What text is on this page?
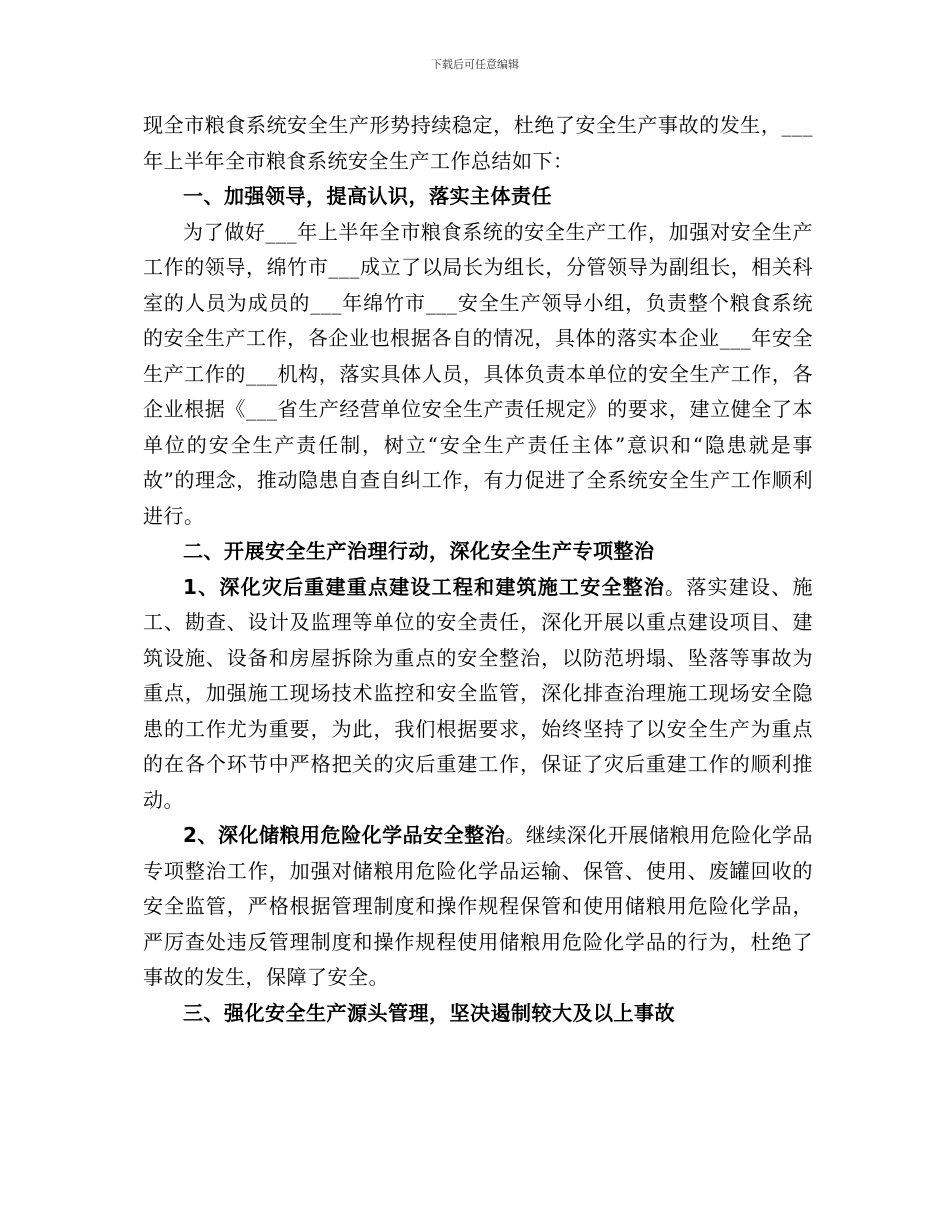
下载后可任意编辑

现全市粮食系统安全生产形势持续稳定，杜绝了安全生产事故的发生，___年上半年全市粮食系统安全生产工作总结如下：

一、加强领导，提高认识，落实主体责任

为了做好___年上半年全市粮食系统的安全生产工作，加强对安全生产工作的领导，绵竹市___成立了以局长为组长，分管领导为副组长，相关科室的人员为成员的___年绵竹市___安全生产领导小组，负责整个粮食系统的安全生产工作，各企业也根据各自的情况，具体的落实本企业___年安全生产工作的___机构，落实具体人员，具体负责本单位的安全生产工作，各企业根据《___省生产经营单位安全生产责任规定》的要求，建立健全了本单位的安全生产责任制，树立“安全生产责任主体”意识和“隐患就是事故”的理念，推动隐患自查自纠工作，有力促进了全系统安全生产工作顺利进行。

二、开展安全生产治理行动，深化安全生产专项整治

1、深化灾后重建重点建设工程和建筑施工安全整治。落实建设、施工、勘查、设计及监理等单位的安全责任，深化开展以重点建设项目、建筑设施、设备和房屋拆除为重点的安全整治，以防范坍塌、坠落等事故为重点，加强施工现场技术监控和安全监管，深化排查治理施工现场安全隐患的工作尤为重要，为此，我们根据要求，始终坚持了以安全生产为重点的在各个环节中严格把关的灾后重建工作，保证了灾后重建工作的顺利推动。

2、深化储粮用危险化学品安全整治。继续深化开展储粮用危险化学品专项整治工作，加强对储粮用危险化学品运输、保管、使用、废罐回收的安全监管，严格根据管理制度和操作规程保管和使用储粮用危险化学品，严厉查处违反管理制度和操作规程使用储粮用危险化学品的行为，杜绝了事故的发生，保障了安全。

三、强化安全生产源头管理，坚决遏制较大及以上事故
